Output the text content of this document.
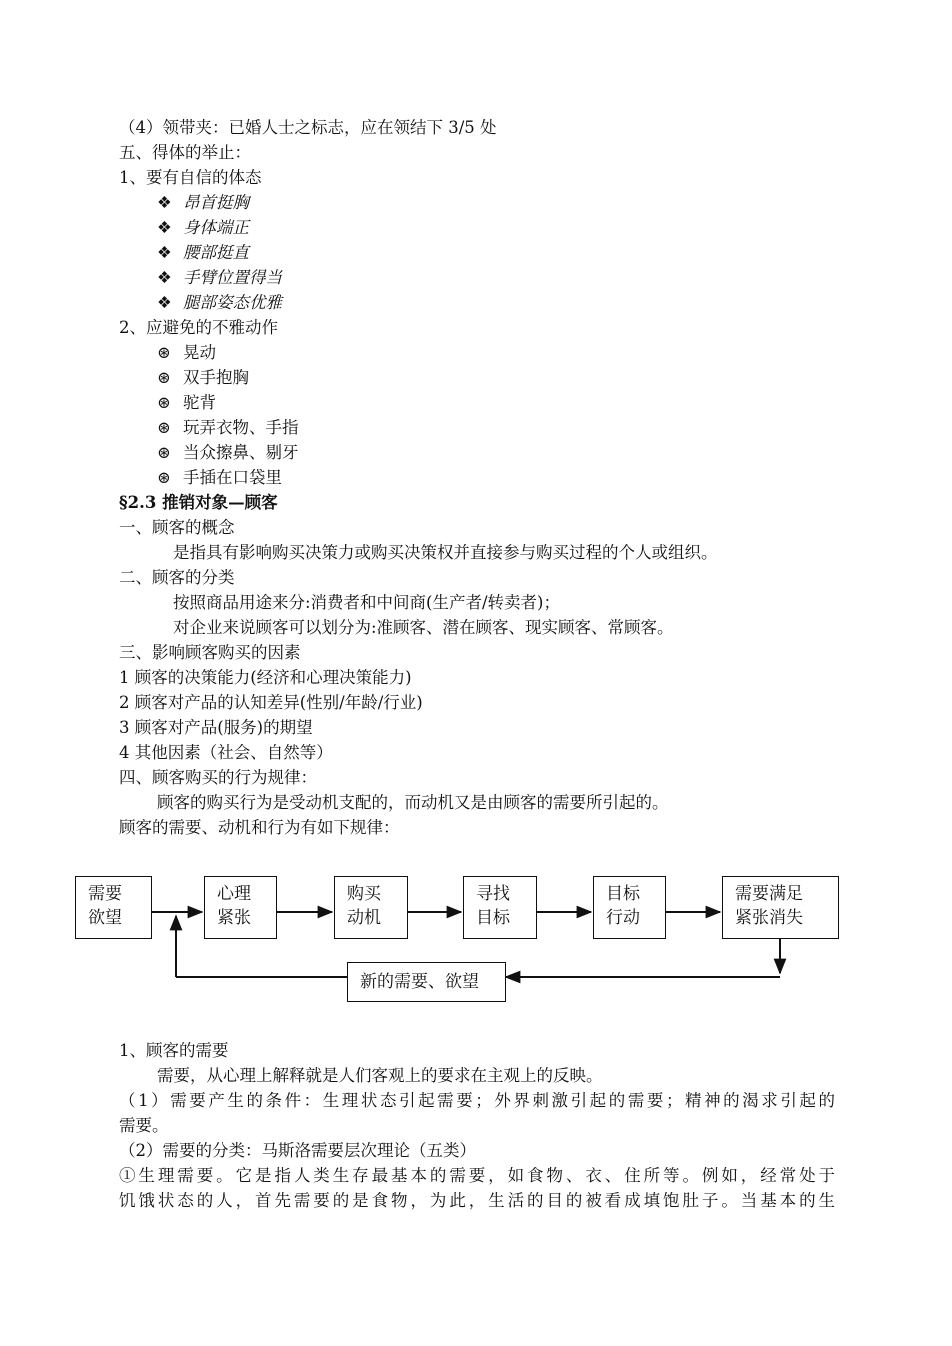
（4）领带夹：已婚人士之标志，应在领结下 3/5 处
五、得体的举止：
1、要有自信的体态
❖ 昂首挺胸
❖ 身体端正
❖ 腰部挺直
❖ 手臂位置得当
❖ 腿部姿态优雅
2、应避免的不雅动作
⊛ 晃动
⊛ 双手抱胸
⊛ 驼背
⊛ 玩弄衣物、手指
⊛ 当众擦鼻、剔牙
⊛ 手插在口袋里
§2.3 推销对象—顾客
一、顾客的概念
是指具有影响购买决策力或购买决策权并直接参与购买过程的个人或组织。
二、顾客的分类
按照商品用途来分:消费者和中间商(生产者/转卖者)；
对企业来说顾客可以划分为:准顾客、潜在顾客、现实顾客、常顾客。
三、影响顾客购买的因素
1 顾客的决策能力(经济和心理决策能力)
2 顾客对产品的认知差异(性别/年龄/行业)
3 顾客对产品(服务)的期望
4 其他因素（社会、自然等）
四、顾客购买的行为规律：
顾客的购买行为是受动机支配的，而动机又是由顾客的需要所引起的。
顾客的需要、动机和行为有如下规律：
需要
欲望
心理
紧张
购买
动机
寻找
目标
目标
行动
需要满足
紧张消失
新的需要、欲望
1、顾客的需要
需要，从心理上解释就是人们客观上的要求在主观上的反映。
（1）需要产生的条件：生理状态引起需要；外界刺激引起的需要；精神的渴求引起的
需要。
（2）需要的分类：马斯洛需要层次理论（五类）
①生理需要。它是指人类生存最基本的需要，如食物、衣、住所等。例如，经常处于
饥饿状态的人，首先需要的是食物，为此，生活的目的被看成填饱肚子。当基本的生
